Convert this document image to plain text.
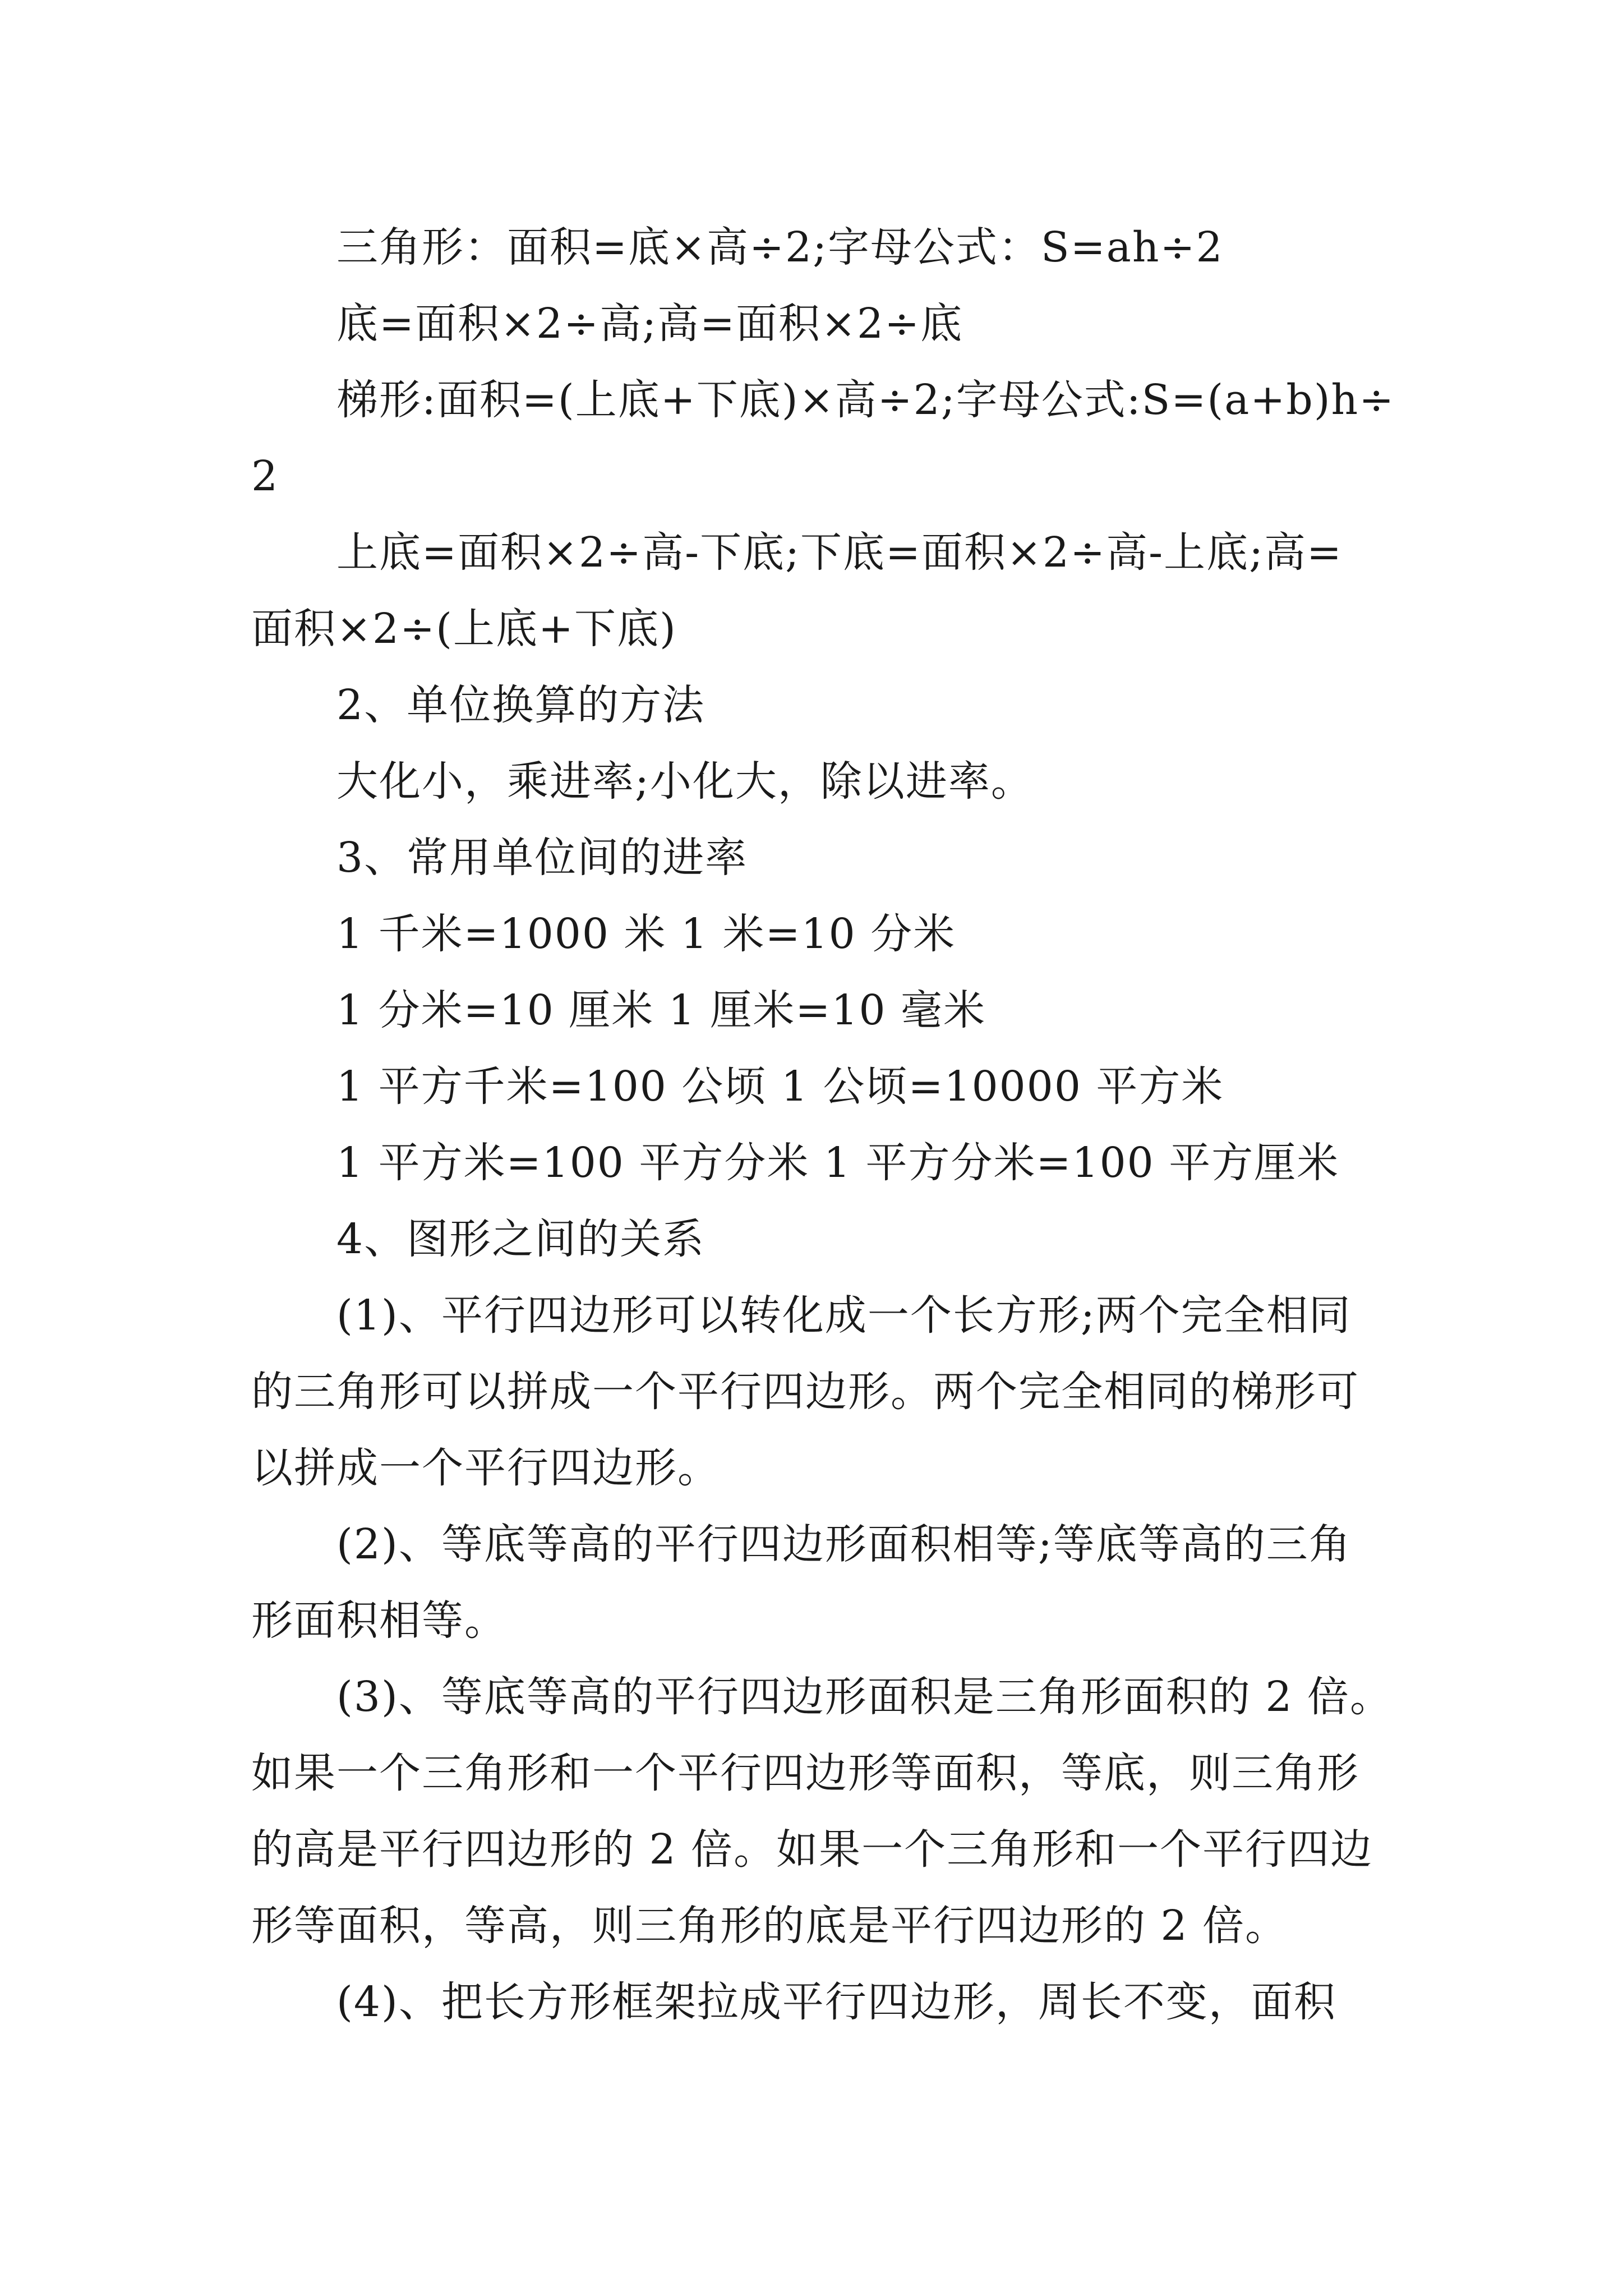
三角形：面积=底×高÷2;字母公式：S=ah÷2
底=面积×2÷高;高=面积×2÷底
梯形:面积=(上底+下底)×高÷2;字母公式:S=(a+b)h÷
2
上底=面积×2÷高-下底;下底=面积×2÷高-上底;高=
面积×2÷(上底+下底)
2、单位换算的方法
大化小，乘进率;小化大，除以进率。
3、常用单位间的进率
1 千米=1000 米 1 米=10 分米
1 分米=10 厘米 1 厘米=10 毫米
1 平方千米=100 公顷 1 公顷=10000 平方米
1 平方米=100 平方分米 1 平方分米=100 平方厘米
4、图形之间的关系
(1)、平行四边形可以转化成一个长方形;两个完全相同
的三角形可以拼成一个平行四边形。两个完全相同的梯形可
以拼成一个平行四边形。
(2)、等底等高的平行四边形面积相等;等底等高的三角
形面积相等。
(3)、等底等高的平行四边形面积是三角形面积的 2 倍。
如果一个三角形和一个平行四边形等面积，等底，则三角形
的高是平行四边形的 2 倍。如果一个三角形和一个平行四边
形等面积，等高，则三角形的底是平行四边形的 2 倍。
(4)、把长方形框架拉成平行四边形，周长不变，面积
